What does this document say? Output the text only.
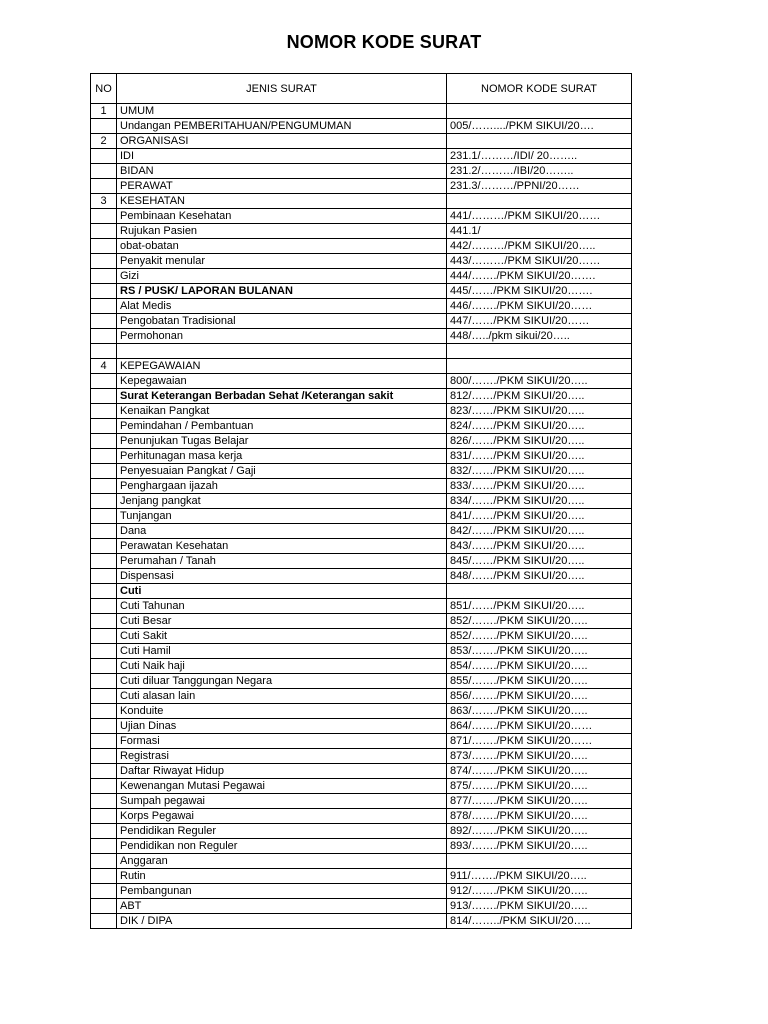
NOMOR KODE SURAT
NO	JENIS SURAT	NOMOR KODE SURAT
1	UMUM	
	Undangan PEMBERITAHUAN/PENGUMUMAN	005/……..../PKM SIKUI/20….
2	ORGANISASI	
	IDI	231.1/………/IDI/ 20……..
	BIDAN	231.2/………/IBI/20……..
	PERAWAT	231.3/………/PPNI/20……
3	KESEHATAN	
	Pembinaan Kesehatan	441/………/PKM SIKUI/20……
	Rujukan Pasien	441.1/
	obat-obatan	442/………/PKM SIKUI/20…..
	Penyakit menular	443/………/PKM SIKUI/20……
	Gizi	444/……./PKM SIKUI/20…….
	RS / PUSK/ LAPORAN BULANAN	445/……/PKM SIKUI/20…….
	Alat Medis	446/……./PKM SIKUI/20……
	Pengobatan Tradisional	447/……/PKM SIKUI/20……
	Permohonan	448/…../pkm sikui/20…..

4	KEPEGAWAIAN	
	Kepegawaian	800/……./PKM SIKUI/20…..
	Surat Keterangan Berbadan Sehat /Keterangan sakit	812/……/PKM SIKUI/20…..
	Kenaikan Pangkat	823/……/PKM SIKUI/20…..
	Pemindahan / Pembantuan	824/……/PKM SIKUI/20…..
	Penunjukan Tugas Belajar	826/……/PKM SIKUI/20…..
	Perhitunagan masa kerja	831/……/PKM SIKUI/20…..
	Penyesuaian Pangkat / Gaji	832/……/PKM SIKUI/20…..
	Penghargaan ijazah	833/……/PKM SIKUI/20…..
	Jenjang pangkat	834/……/PKM SIKUI/20…..
	Tunjangan	841/……/PKM SIKUI/20…..
	Dana	842/……/PKM SIKUI/20…..
	Perawatan Kesehatan	843/……/PKM SIKUI/20…..
	Perumahan / Tanah	845/……/PKM SIKUI/20…..
	Dispensasi	848/……/PKM SIKUI/20…..
	Cuti	
	Cuti Tahunan	851/……/PKM SIKUI/20…..
	Cuti Besar	852/……./PKM SIKUI/20…..
	Cuti Sakit	852/……./PKM SIKUI/20…..
	Cuti Hamil	853/……./PKM SIKUI/20…..
	Cuti Naik haji	854/……./PKM SIKUI/20…..
	Cuti diluar Tanggungan Negara	855/……./PKM SIKUI/20…..
	Cuti alasan lain	856/……./PKM SIKUI/20…..
	Konduite	863/……./PKM SIKUI/20…..
	Ujian Dinas	864/……./PKM SIKUI/20……
	Formasi	871/……./PKM SIKUI/20……
	Registrasi	873/……./PKM SIKUI/20…..
	Daftar Riwayat Hidup	874/……./PKM SIKUI/20…..
	Kewenangan Mutasi Pegawai	875/……./PKM SIKUI/20…..
	Sumpah pegawai	877/……./PKM SIKUI/20…..
	Korps Pegawai	878/……./PKM SIKUI/20…..
	Pendidikan Reguler	892/……./PKM SIKUI/20…..
	Pendidikan non Reguler	893/……./PKM SIKUI/20…..
	Anggaran	
	Rutin	911/……./PKM SIKUI/20…..
	Pembangunan	912/……./PKM SIKUI/20…..
	ABT	913/……./PKM SIKUI/20…..
	DIK / DIPA	814/……../PKM SIKUI/20…..
